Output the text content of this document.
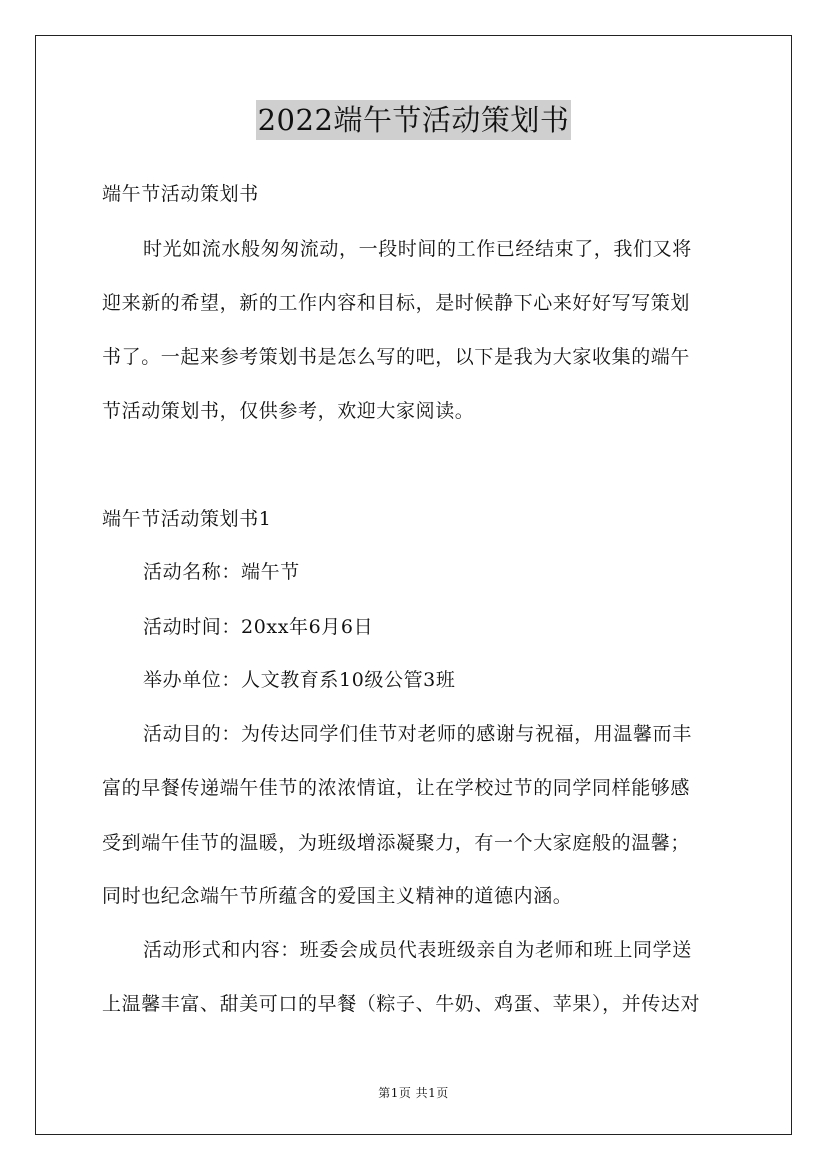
2022端午节活动策划书
端午节活动策划书
时光如流水般匆匆流动，一段时间的工作已经结束了，我们又将
迎来新的希望，新的工作内容和目标，是时候静下心来好好写写策划
书了。一起来参考策划书是怎么写的吧，以下是我为大家收集的端午
节活动策划书，仅供参考，欢迎大家阅读。
端午节活动策划书1
活动名称：端午节
活动时间：20xx年6月6日
举办单位：人文教育系10级公管3班
活动目的：为传达同学们佳节对老师的感谢与祝福，用温馨而丰
富的早餐传递端午佳节的浓浓情谊，让在学校过节的同学同样能够感
受到端午佳节的温暖，为班级增添凝聚力，有一个大家庭般的温馨；
同时也纪念端午节所蕴含的爱国主义精神的道德内涵。
活动形式和内容：班委会成员代表班级亲自为老师和班上同学送
上温馨丰富、甜美可口的早餐（粽子、牛奶、鸡蛋、苹果），并传达对
第1页 共1页
